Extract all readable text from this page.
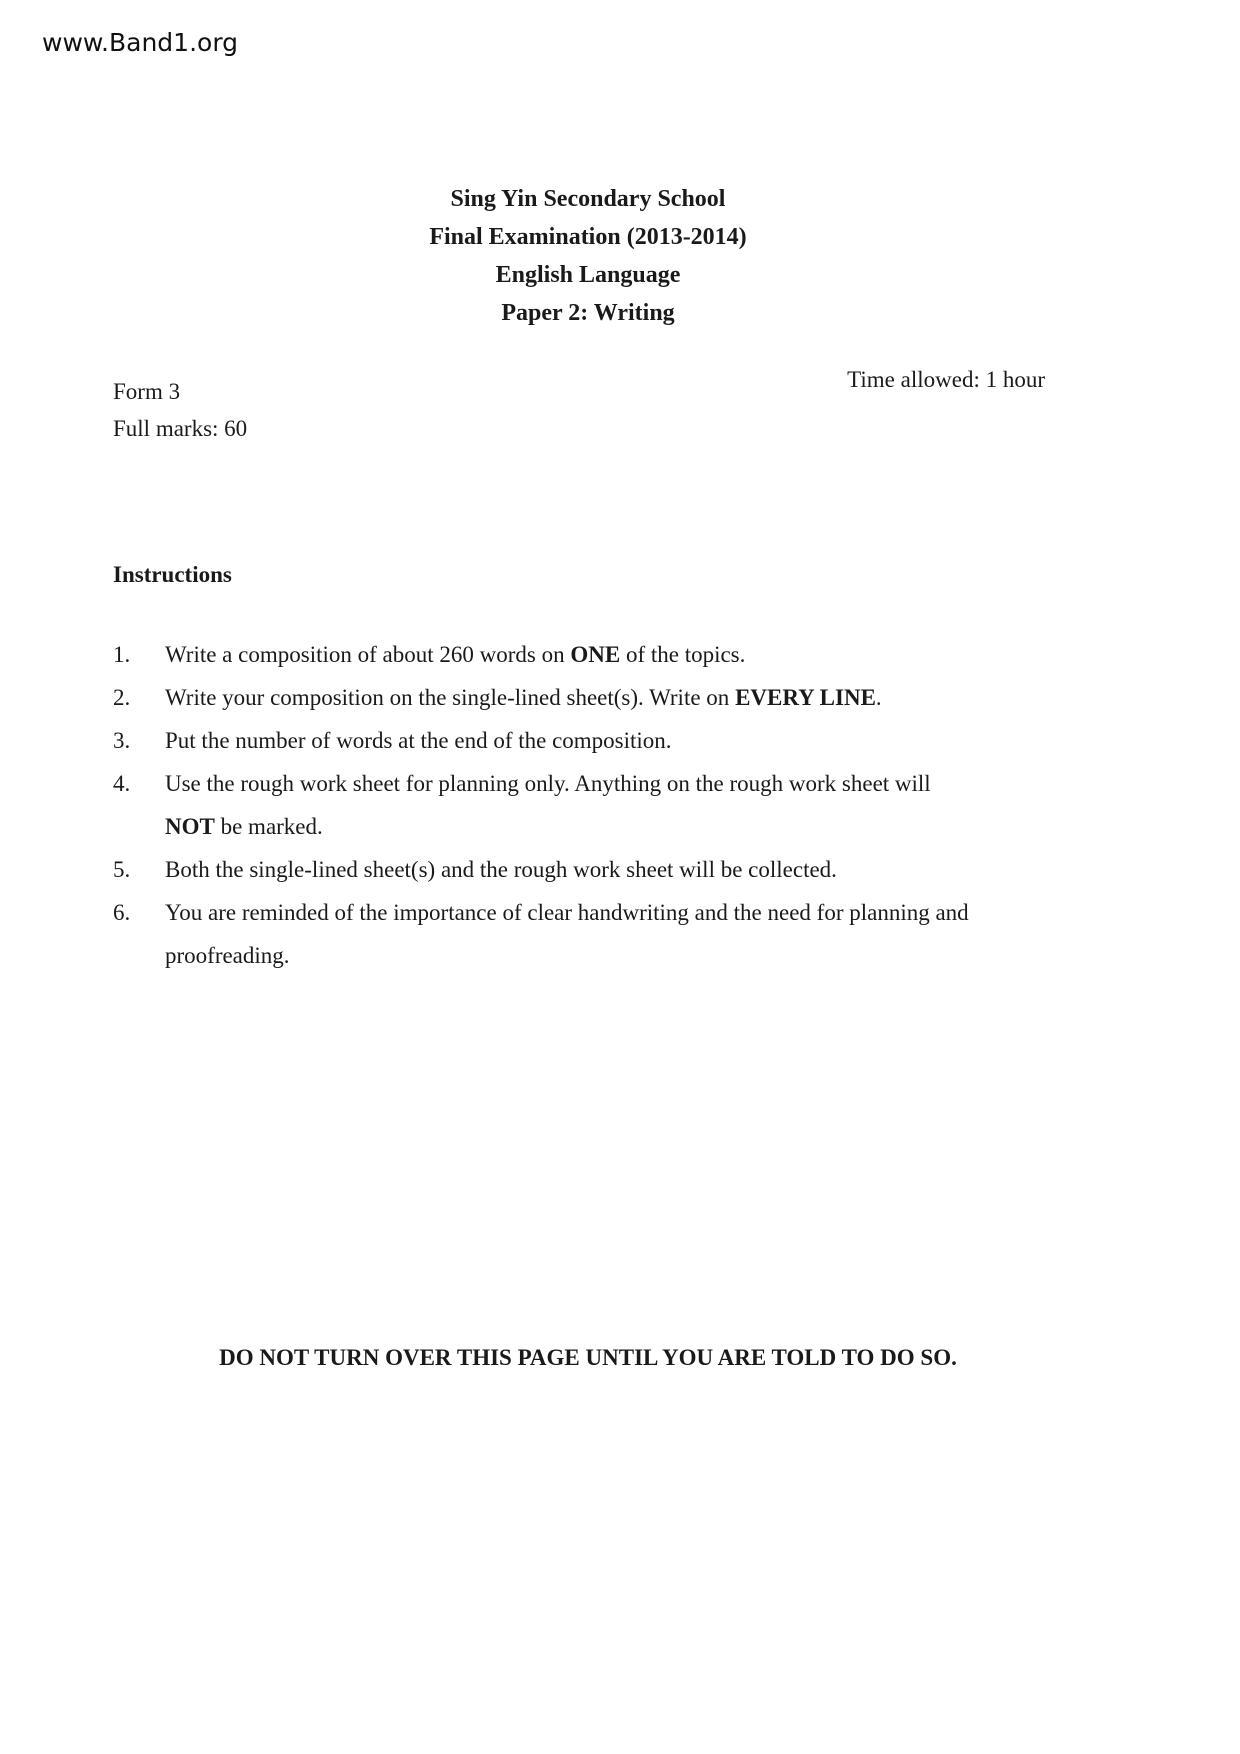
www.Band1.org
Sing Yin Secondary School
Final Examination (2013-2014)
English Language
Paper 2: Writing
Form 3
Full marks: 60
Time allowed: 1 hour
Instructions
1. Write a composition of about 260 words on ONE of the topics.
2. Write your composition on the single-lined sheet(s). Write on EVERY LINE.
3. Put the number of words at the end of the composition.
4. Use the rough work sheet for planning only. Anything on the rough work sheet will
NOT be marked.
5. Both the single-lined sheet(s) and the rough work sheet will be collected.
6. You are reminded of the importance of clear handwriting and the need for planning and proofreading.
DO NOT TURN OVER THIS PAGE UNTIL YOU ARE TOLD TO DO SO.
